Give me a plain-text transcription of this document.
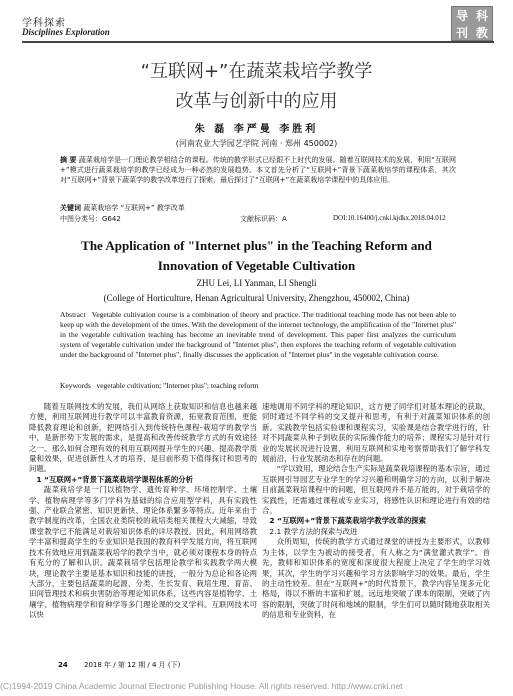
学科探索
Disciplines Exploration
导 科
刊 教
“互联网+”在蔬菜栽培学教学
改革与创新中的应用
朱 磊 李严曼 李胜利
(河南农业大学园艺学院 河南 · 郑州 450002)
摘 要 蔬菜栽培学是一门理论教学相结合的课程。传统的教学形式已经跟不上时代的发展。随着互联网技术的发展，利用“互联网+”模式进行蔬菜栽培学的教学已经成为一种必然的发展趋势。本文首先分析了“互联网+”背景下蔬菜栽培学的课程体系，其次对“互联网+”背景下蔬菜学的教学改革进行了探索，最后探讨了“互联网+”在蔬菜栽培学课程中的具体应用。
关键词 蔬菜栽培学 “互联网+” 教学改革
中图分类号：G642	文献标识码：A	DOI:10.16400/j.cnki.kjdkx.2018.04.012
The Application of "Internet plus" in the Teaching Reform and
Innovation of Vegetable Cultivation
ZHU Lei, LI Yanman, LI Shengli
(College of Horticulture, Henan Agricultural University, Zhengzhou, 450002, China)
Abstract Vegetable cultivation course is a combination of theory and practice. The traditional teaching mode has not been able to keep up with the development of the times. With the development of the internet technology, the amplification of the "Internet plus" in the vegetable cultivation teaching has become an inevitable trend of development. This paper first analyzes the curriculum system of vegetable cultivation under the background of "Internet plus", then explores the teaching reform of vegetable cultivation under the background of "Internet plus", finally discusses the application of "Internet plus" in the vegetable cultivation course.
Keywords vegetable cultivation; "Internet plus"; teaching reform

随着互联网技术的发展，我们从网络上获取知识和信息也越来越方便，利用互联网进行教学可以丰富教育资源，拓宽教育范围，更能降低教育理论和创新，把网络引入到传统特色课程-栽培学的教学当中，是新形势下发展的需求，是提高和改善传统教学方式的有效途径之一。那么如何合理有效的利用互联网提升学生的兴趣、提高教学质量和效果，促进创新性人才的培养，是目前形势下值得探讨和思考的问题。

1 “互联网+”背景下蔬菜栽培学课程体系的分析

蔬菜栽培学是一门以植物学、遗传育种学、环境控制学、土壤学、植物病理学等多门学科为基础的综合应用型学科，具有实践性强、产业联合紧密、知识更新快、理论体系繁多等特点。近年来由于教学制度的改革，全国农业类院校的栽培类相关课程大大减缩，导致课堂教学已不能满足对栽培知识体系的详尽教授。因此，利用网络教学丰富和提高学生的专业知识是我国的教育科学发展方向，将互联网技术有效地应用到蔬菜栽培学的教学当中，就必须对课程本身的特点有充分的了解和认识。蔬菜栽培学包括理论教学和实践教学两大模块，理论教学主要是基本知识和技能的讲授，一般分为总论和各论两大部分，主要包括蔬菜的起源、分类、生长发育、栽培生理、育苗、田间管理技术和病虫害防治等理论知识体系，这些内容是植物学、土壤学、植物病理学和育种学等多门理论课的交叉学科。互联网技术可以快

速地调用不同学科的理论知识，这方便了同学们对基本理论的获取，同时通过不同学科的交叉提升和思考，有利于对蔬菜知识体系的创新。实践教学包括实验课和课程实习，实验课是结合教学进行的，针对不同蔬菜从种子到收获的实际操作能力的培养；课程实习是针对行业的发展状况进行设置，利用互联网和实地考察帮助我们了解学科发展前沿，行业发展动态和存在的问题。

“学以致用，理论结合生产实际是蔬菜栽培课程的基本宗旨，通过互联网引导园艺专业学生的学习兴趣和明确学习的方向，以利于解决目前蔬菜栽培课程中的问题，但互联网并不是万能的，对于栽培学的实践性，还需通过课程或专业实习，将感性认识和理论进行有效的结合。

2 “互联网+”背景下蔬菜栽培学教学改革的探索
2.1 教学方法的探索与改进

众所周知，传统的教学方式通过课堂的讲授为主要形式，以教师为主体，以学生为被动的接受者，有人称之为“满堂灌式教学”。首先，教师和知识体系的宽度和深度很大程度上决定了学生的学习效果，其次，学生的学习兴趣和学习方法影响学习的效果。最后，学生的主动性较差。但在“互联网+”的时代背景下，教学内容呈现多元化格局，得以不断的丰富和扩展，远远地突破了课本的限制，突破了内容的限制，突破了时间和地域的限制，学生们可以随时随地获取相关的信息和专业资料，在

24 2018 年 / 第 12 期 / 4 月 (下)
(C)1994-2019 China Academic Journal Electronic Publishing House. All rights reserved. http://www.cnki.net
